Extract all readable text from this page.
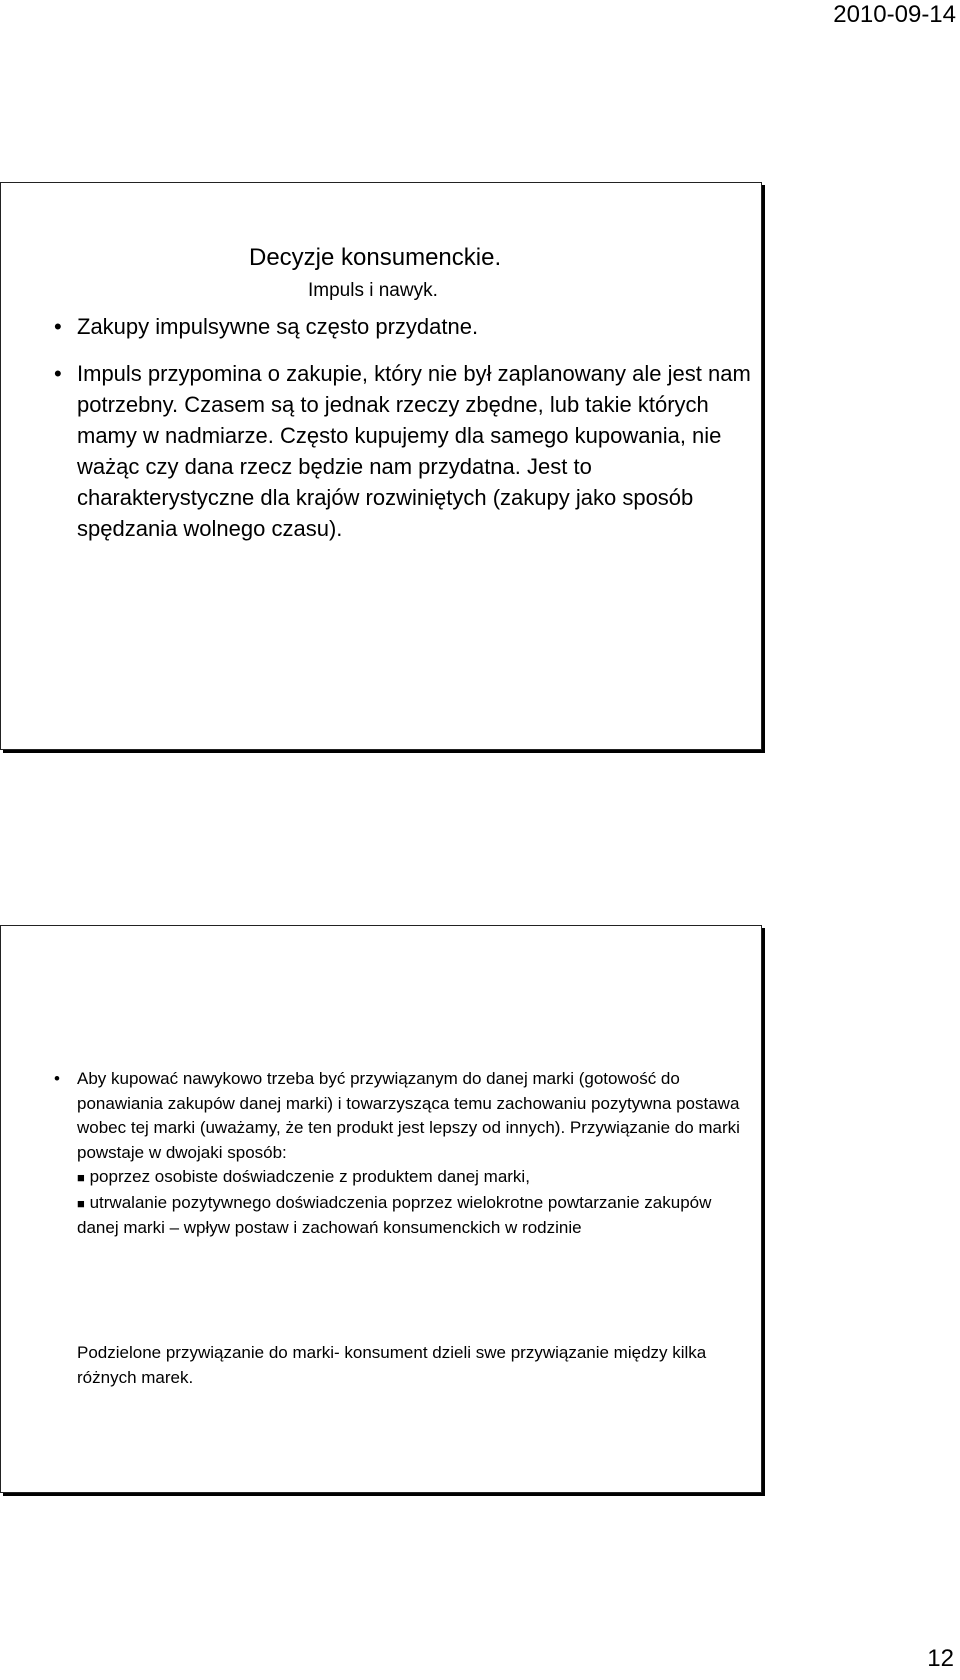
2010-09-14
Decyzje konsumenckie.
Impuls i nawyk.
• Zakupy impulsywne są często przydatne.
• Impuls przypomina o zakupie, który nie był zaplanowany ale jest nam potrzebny. Czasem są to jednak rzeczy zbędne, lub takie których mamy w nadmiarze. Często kupujemy dla samego kupowania, nie ważąc czy dana rzecz będzie nam przydatna. Jest to charakterystyczne dla krajów rozwiniętych (zakupy jako sposób spędzania wolnego czasu).
• Aby kupować nawykowo trzeba być przywiązanym do danej marki (gotowość do ponawiania zakupów danej marki) i towarzysząca temu zachowaniu pozytywna postawa wobec tej marki (uważamy, że ten produkt jest lepszy od innych). Przywiązanie do marki powstaje w dwojaki sposób:

■ poprzez osobiste doświadczenie z produktem danej marki,

■ utrwalanie pozytywnego doświadczenia poprzez wielokrotne powtarzanie zakupów danej marki – wpływ postaw i zachowań konsumenckich w rodzinie

Podzielone przywiązanie do marki- konsument dzieli swe przywiązanie między kilka różnych marek.
12
